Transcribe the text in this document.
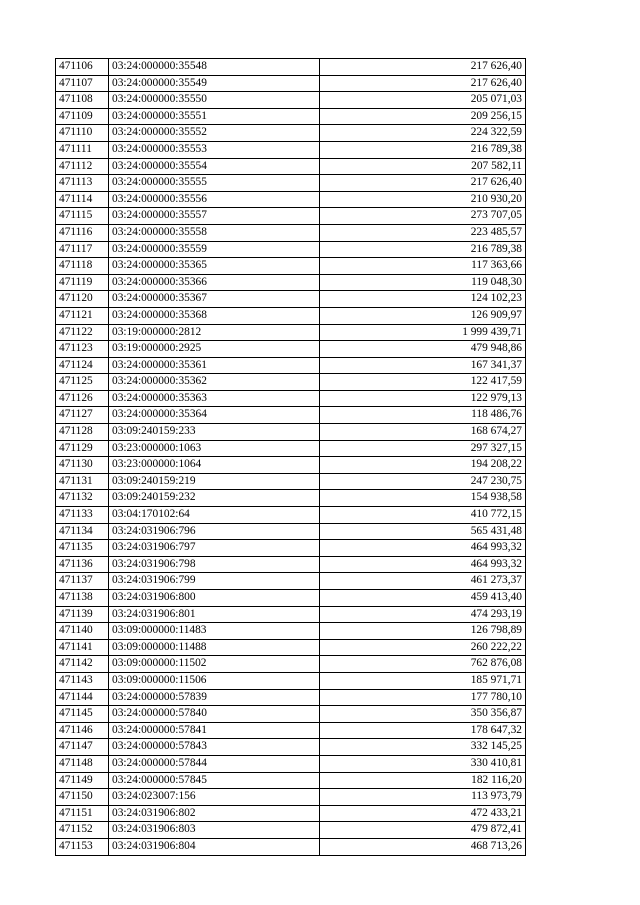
471106	03:24:000000:35548	217 626,40
471107	03:24:000000:35549	217 626,40
471108	03:24:000000:35550	205 071,03
471109	03:24:000000:35551	209 256,15
471110	03:24:000000:35552	224 322,59
471111	03:24:000000:35553	216 789,38
471112	03:24:000000:35554	207 582,11
471113	03:24:000000:35555	217 626,40
471114	03:24:000000:35556	210 930,20
471115	03:24:000000:35557	273 707,05
471116	03:24:000000:35558	223 485,57
471117	03:24:000000:35559	216 789,38
471118	03:24:000000:35365	117 363,66
471119	03:24:000000:35366	119 048,30
471120	03:24:000000:35367	124 102,23
471121	03:24:000000:35368	126 909,97
471122	03:19:000000:2812	1 999 439,71
471123	03:19:000000:2925	479 948,86
471124	03:24:000000:35361	167 341,37
471125	03:24:000000:35362	122 417,59
471126	03:24:000000:35363	122 979,13
471127	03:24:000000:35364	118 486,76
471128	03:09:240159:233	168 674,27
471129	03:23:000000:1063	297 327,15
471130	03:23:000000:1064	194 208,22
471131	03:09:240159:219	247 230,75
471132	03:09:240159:232	154 938,58
471133	03:04:170102:64	410 772,15
471134	03:24:031906:796	565 431,48
471135	03:24:031906:797	464 993,32
471136	03:24:031906:798	464 993,32
471137	03:24:031906:799	461 273,37
471138	03:24:031906:800	459 413,40
471139	03:24:031906:801	474 293,19
471140	03:09:000000:11483	126 798,89
471141	03:09:000000:11488	260 222,22
471142	03:09:000000:11502	762 876,08
471143	03:09:000000:11506	185 971,71
471144	03:24:000000:57839	177 780,10
471145	03:24:000000:57840	350 356,87
471146	03:24:000000:57841	178 647,32
471147	03:24:000000:57843	332 145,25
471148	03:24:000000:57844	330 410,81
471149	03:24:000000:57845	182 116,20
471150	03:24:023007:156	113 973,79
471151	03:24:031906:802	472 433,21
471152	03:24:031906:803	479 872,41
471153	03:24:031906:804	468 713,26
